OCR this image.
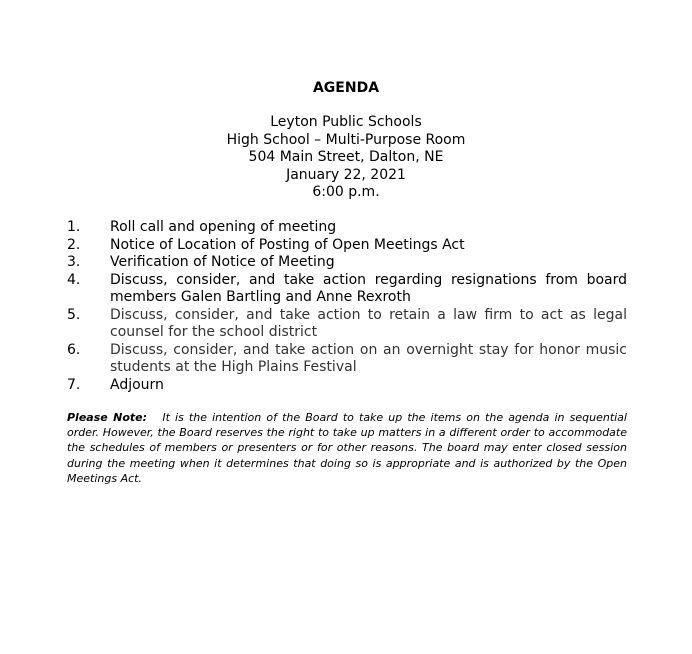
AGENDA
Leyton Public Schools
High School – Multi-Purpose Room
504 Main Street, Dalton, NE
January 22, 2021
6:00 p.m.
1.	Roll call and opening of meeting
2.	Notice of Location of Posting of Open Meetings Act
3.	Verification of Notice of Meeting
4.	Discuss, consider, and take action regarding resignations from board members Galen Bartling and Anne Rexroth
5.	Discuss, consider, and take action to retain a law firm to act as legal counsel for the school district
6.	Discuss, consider, and take action on an overnight stay for honor music students at the High Plains Festival
7.	Adjourn

Please Note: It is the intention of the Board to take up the items on the agenda in sequential order. However, the Board reserves the right to take up matters in a different order to accommodate the schedules of members or presenters or for other reasons. The board may enter closed session during the meeting when it determines that doing so is appropriate and is authorized by the Open Meetings Act.
